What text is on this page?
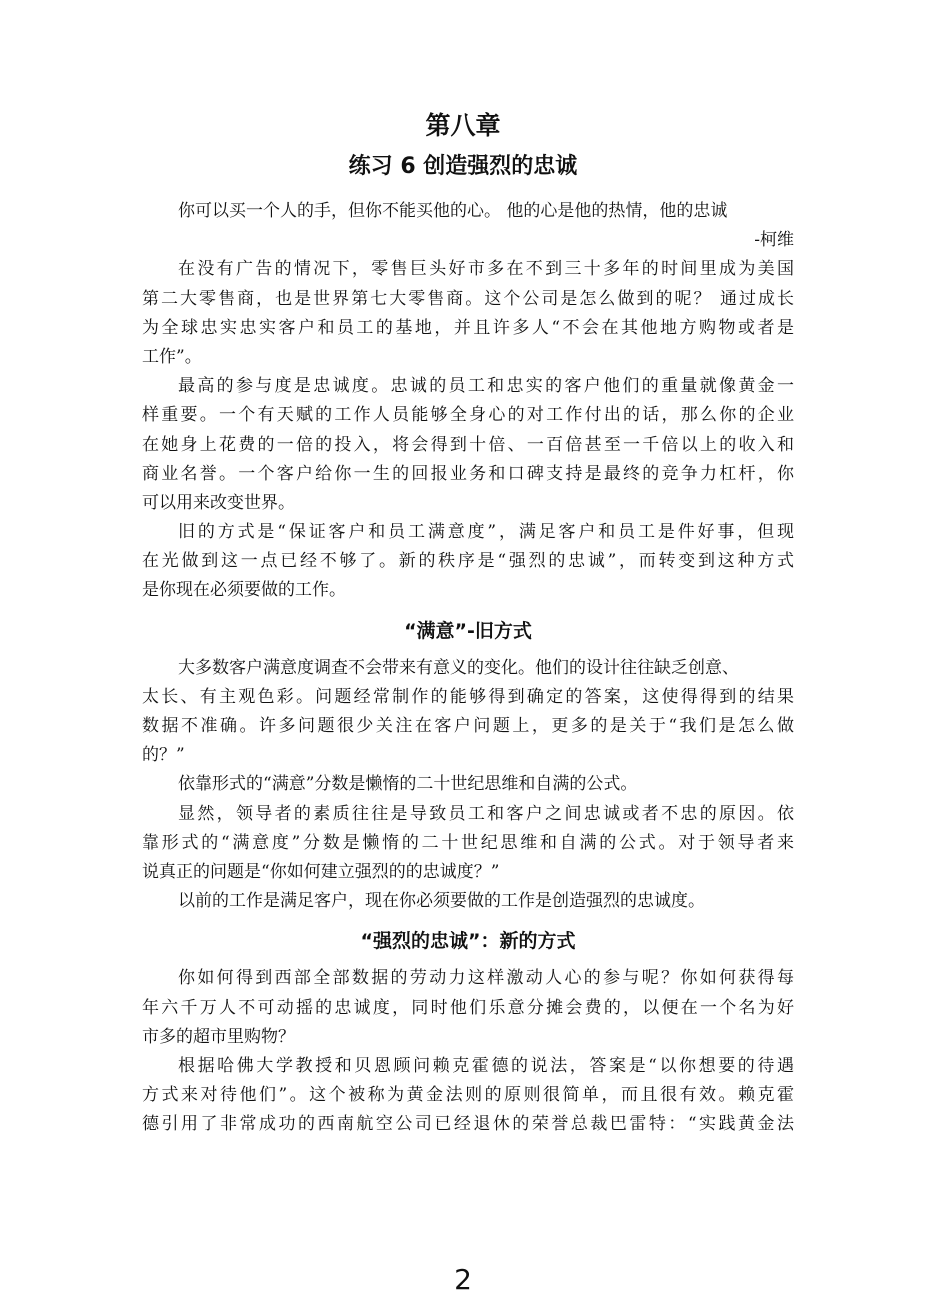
第八章
练习 6 创造强烈的忠诚
你可以买一个人的手，但你不能买他的心。 他的心是他的热情，他的忠诚
-柯维
在没有广告的情况下，零售巨头好市多在不到三十多年的时间里成为美国
第二大零售商，也是世界第七大零售商。这个公司是怎么做到的呢？ 通过成长
为全球忠实忠实客户和员工的基地，并且许多人“不会在其他地方购物或者是
工作”。
最高的参与度是忠诚度。忠诚的员工和忠实的客户他们的重量就像黄金一
样重要。一个有天赋的工作人员能够全身心的对工作付出的话，那么你的企业
在她身上花费的一倍的投入，将会得到十倍、一百倍甚至一千倍以上的收入和
商业名誉。一个客户给你一生的回报业务和口碑支持是最终的竞争力杠杆，你
可以用来改变世界。
旧的方式是“保证客户和员工满意度”，满足客户和员工是件好事，但现
在光做到这一点已经不够了。新的秩序是“强烈的忠诚”，而转变到这种方式
是你现在必须要做的工作。
“满意”-旧方式
大多数客户满意度调查不会带来有意义的变化。他们的设计往往缺乏创意、
太长、有主观色彩。问题经常制作的能够得到确定的答案，这使得得到的结果
数据不准确。许多问题很少关注在客户问题上，更多的是关于“我们是怎么做
的？”
依靠形式的“满意”分数是懒惰的二十世纪思维和自满的公式。
显然，领导者的素质往往是导致员工和客户之间忠诚或者不忠的原因。依
靠形式的“满意度”分数是懒惰的二十世纪思维和自满的公式。对于领导者来
说真正的问题是“你如何建立强烈的的忠诚度？”
以前的工作是满足客户，现在你必须要做的工作是创造强烈的忠诚度。
“强烈的忠诚”：新的方式
你如何得到西部全部数据的劳动力这样激动人心的参与呢？你如何获得每
年六千万人不可动摇的忠诚度，同时他们乐意分摊会费的，以便在一个名为好
市多的超市里购物？
根据哈佛大学教授和贝恩顾问赖克霍德的说法，答案是“以你想要的待遇
方式来对待他们”。这个被称为黄金法则的原则很简单，而且很有效。赖克霍
德引用了非常成功的西南航空公司已经退休的荣誉总裁巴雷特：“实践黄金法
2
